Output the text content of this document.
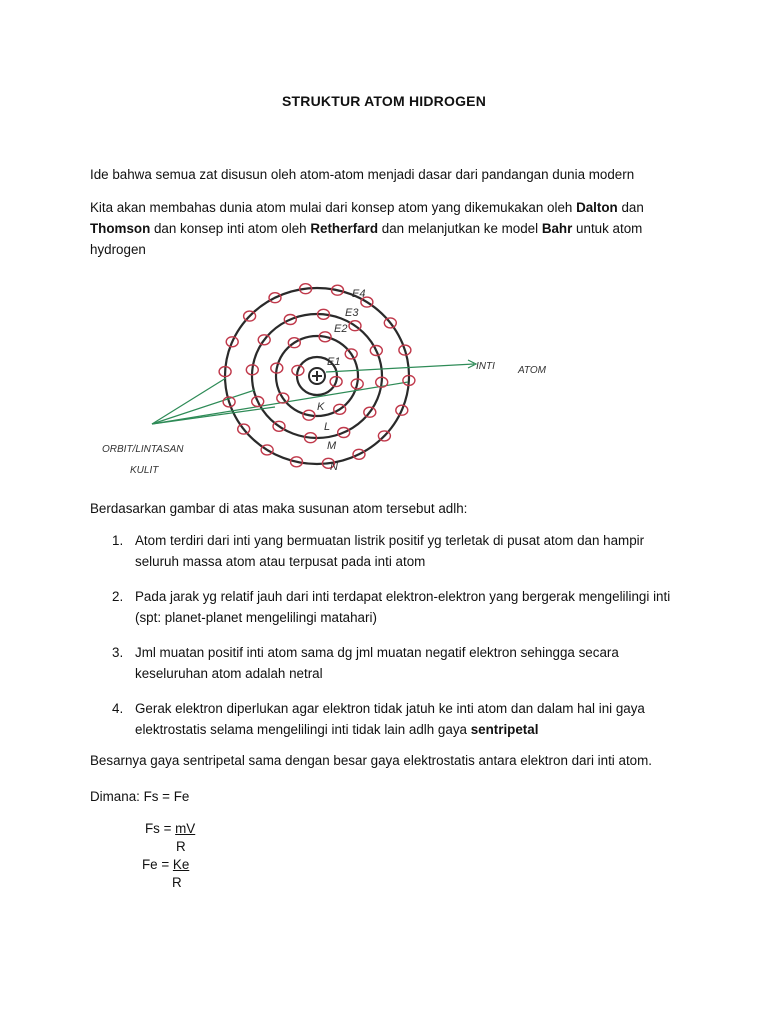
STRUKTUR ATOM HIDROGEN

Ide bahwa semua zat disusun oleh atom-atom menjadi dasar dari pandangan dunia modern

Kita akan membahas dunia atom mulai dari konsep atom yang dikemukakan oleh Dalton dan Thomson dan konsep inti atom oleh Retherfard dan melanjutkan ke model Bahr untuk atom hydrogen

E1
E2
E3
E4
K
L
M
N
INTI ATOM
ORBIT/LINTASAN
KULIT

Berdasarkan gambar di atas maka susunan atom tersebut adlh:

1. Atom terdiri dari inti yang bermuatan listrik positif yg terletak di pusat atom dan hampir seluruh massa atom atau terpusat pada inti atom
2. Pada jarak yg relatif jauh dari inti terdapat elektron-elektron yang bergerak mengelilingi inti (spt: planet-planet mengelilingi matahari)
3. Jml muatan positif inti atom sama dg jml muatan negatif elektron sehingga secara keseluruhan atom adalah netral
4. Gerak elektron diperlukan agar elektron tidak jatuh ke inti atom dan dalam hal ini gaya elektrostatis selama mengelilingi inti tidak lain adlh gaya sentripetal

Besarnya gaya sentripetal sama dengan besar gaya elektrostatis antara elektron dari inti atom.

Dimana: Fs = Fe

Fs = mV
R
Fe = Ke
R
